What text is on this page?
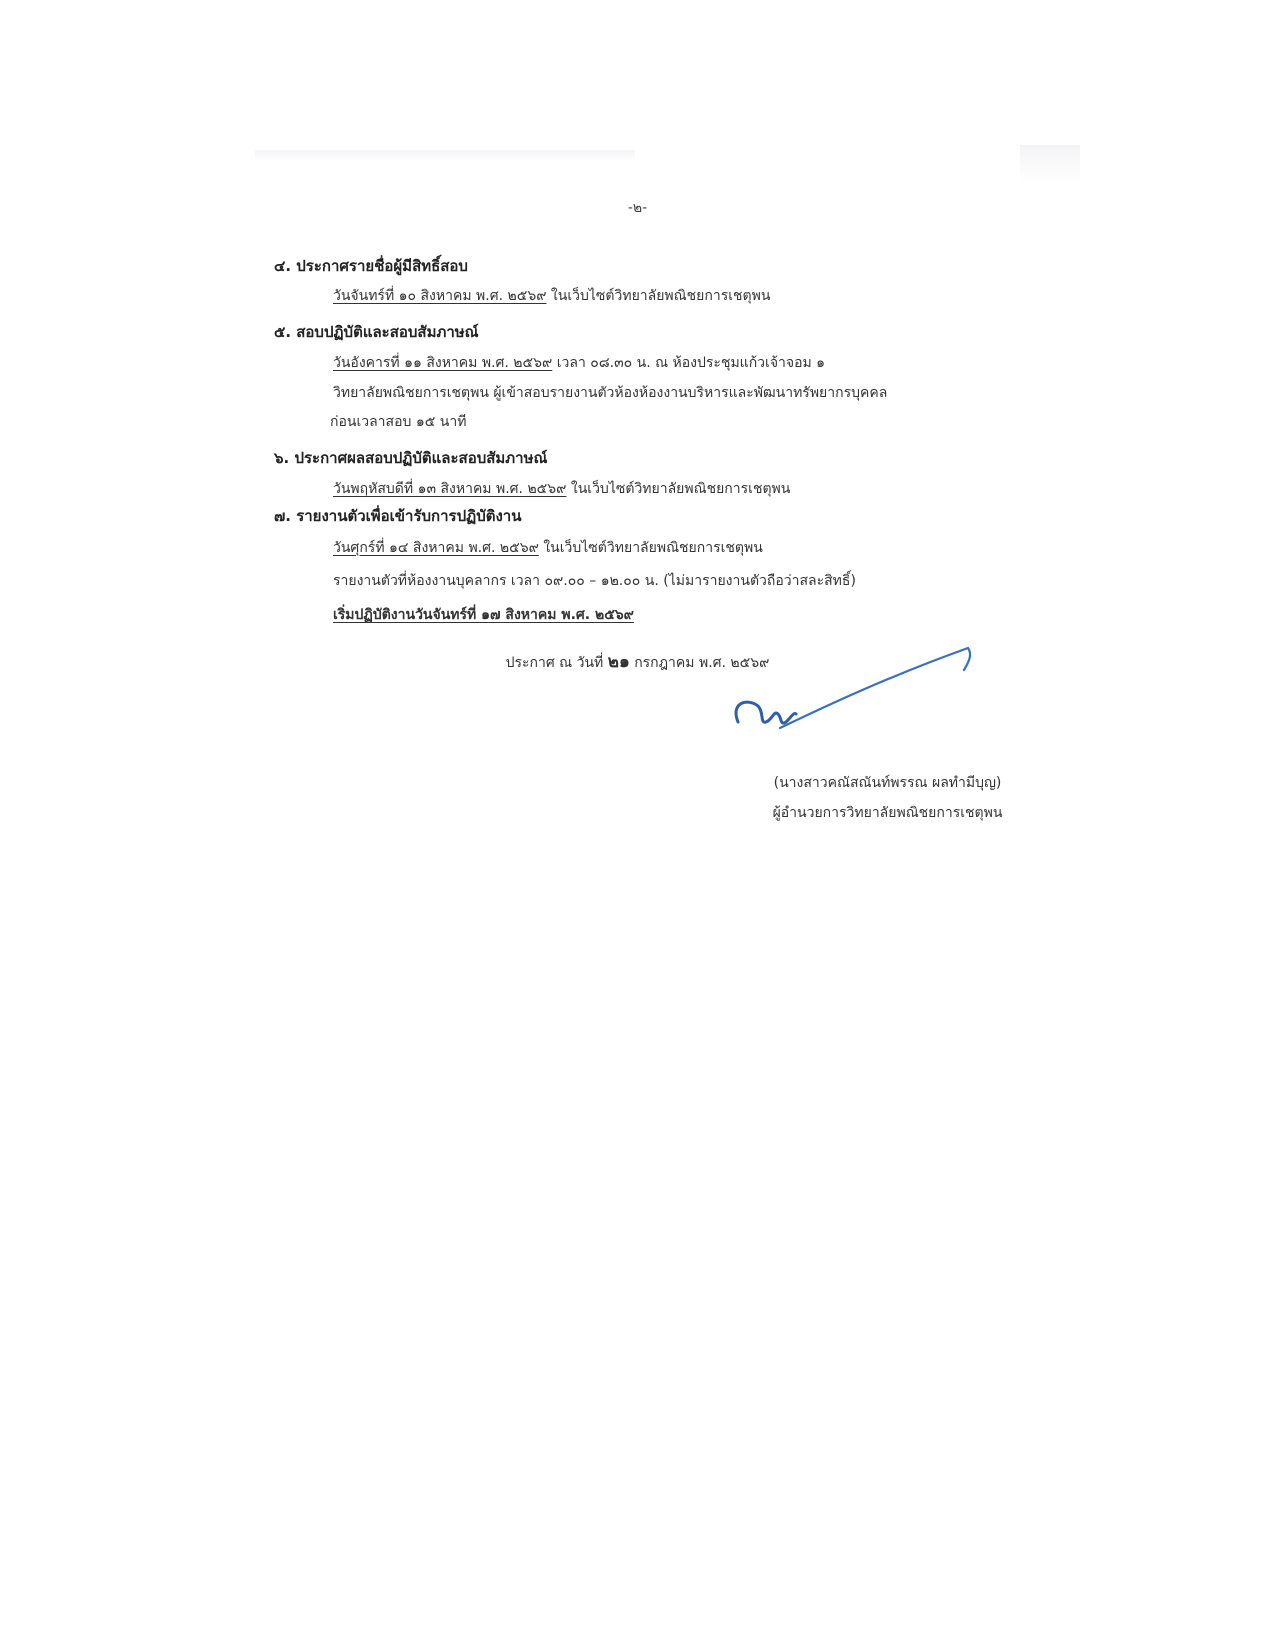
-๒-
๔. ประกาศรายชื่อผู้มีสิทธิ์สอบ
วันจันทร์ที่ ๑๐ สิงหาคม พ.ศ. ๒๕๖๙ ในเว็บไซต์วิทยาลัยพณิชยการเชตุพน
๕. สอบปฏิบัติและสอบสัมภาษณ์
วันอังคารที่ ๑๑ สิงหาคม พ.ศ. ๒๕๖๙ เวลา ๐๘.๓๐ น. ณ ห้องประชุมแก้วเจ้าจอม ๑
วิทยาลัยพณิชยการเชตุพน ผู้เข้าสอบรายงานตัวห้องห้องงานบริหารและพัฒนาทรัพยากรบุคคล
ก่อนเวลาสอบ ๑๕ นาที
๖. ประกาศผลสอบปฏิบัติและสอบสัมภาษณ์
วันพฤหัสบดีที่ ๑๓ สิงหาคม พ.ศ. ๒๕๖๙ ในเว็บไซต์วิทยาลัยพณิชยการเชตุพน
๗. รายงานตัวเพื่อเข้ารับการปฏิบัติงาน
วันศุกร์ที่ ๑๔ สิงหาคม พ.ศ. ๒๕๖๙ ในเว็บไซต์วิทยาลัยพณิชยการเชตุพน
รายงานตัวที่ห้องงานบุคลากร เวลา ๐๙.๐๐ – ๑๒.๐๐ น. (ไม่มารายงานตัวถือว่าสละสิทธิ์)
เริ่มปฏิบัติงานวันจันทร์ที่ ๑๗ สิงหาคม พ.ศ. ๒๕๖๙
ประกาศ ณ วันที่ ๒๑ กรกฎาคม พ.ศ. ๒๕๖๙
(นางสาวคณัสณันท์พรรณ ผลทำมีบุญ)
ผู้อำนวยการวิทยาลัยพณิชยการเชตุพน
